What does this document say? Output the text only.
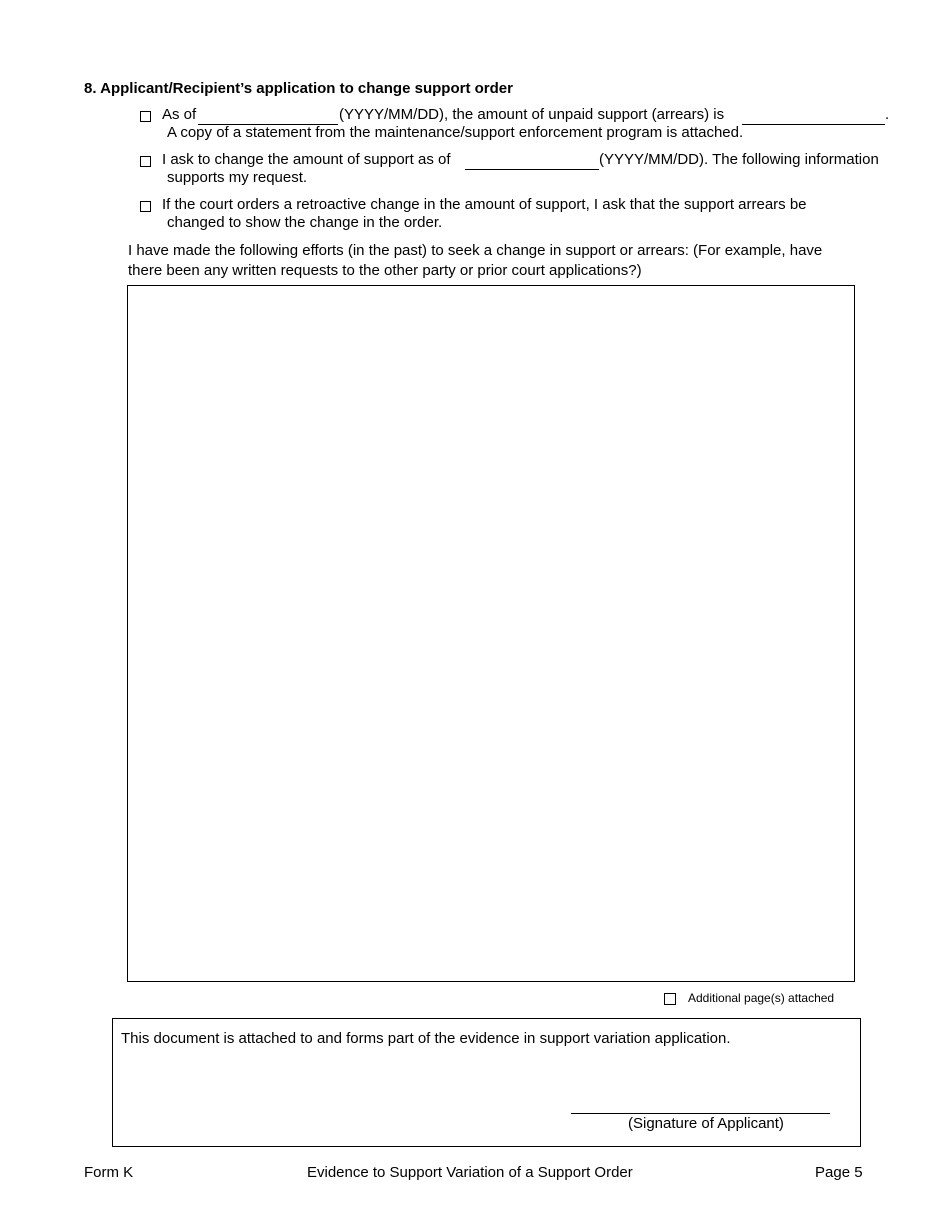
8. Applicant/Recipient’s application to change support order
As of	(YYYY/MM/DD), the amount of unpaid support (arrears) is	.
A copy of a statement from the maintenance/support enforcement program is attached.
I ask to change the amount of support as of	(YYYY/MM/DD). The following information
supports my request.
If the court orders a retroactive change in the amount of support, I ask that the support arrears be
changed to show the change in the order.
I have made the following efforts (in the past) to seek a change in support or arrears: (For example, have
there been any written requests to the other party or prior court applications?)
Additional page(s) attached
This document is attached to and forms part of the evidence in support variation application.
(Signature of Applicant)
Form K	Evidence to Support Variation of a Support Order	Page 5
